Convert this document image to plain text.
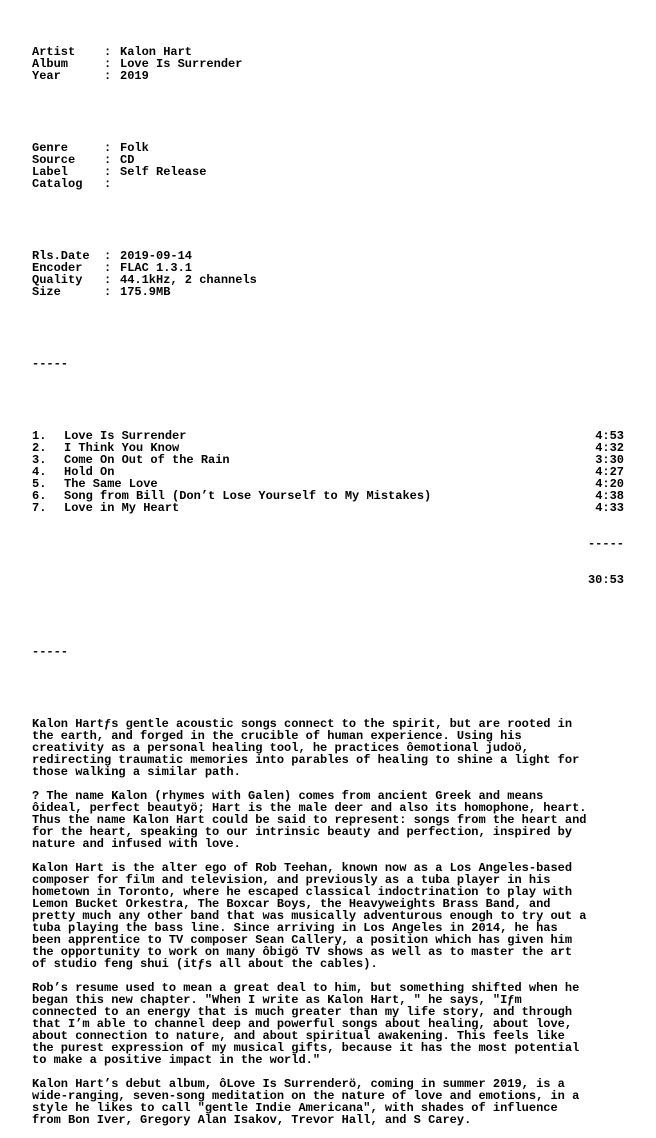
Artist	: Kalon Hart
Album	: Love Is Surrender
Year	: 2019

Genre	: Folk
Source	: CD
Label	: Self Release
Catalog	:

Rls.Date	: 2019-09-14
Encoder	: FLAC 1.3.1
Quality	: 44.1kHz, 2 channels
Size	: 175.9MB

-----

1.	Love Is Surrender	4:53
2.	I Think You Know	4:32
3.	Come On Out of the Rain	3:30
4.	Hold On	4:27
5.	The Same Love	4:20
6.	Song from Bill (Don’t Lose Yourself to My Mistakes)	4:38
7.	Love in My Heart	4:33

-----

30:53

-----

Kalon Hartƒs gentle acoustic songs connect to the spirit, but are rooted in
the earth, and forged in the crucible of human experience. Using his
creativity as a personal healing tool, he practices ôemotional judoö,
redirecting traumatic memories into parables of healing to shine a light for
those walking a similar path.
? The name Kalon (rhymes with Galen) comes from ancient Greek and means
ôideal, perfect beautyö; Hart is the male deer and also its homophone, heart.
Thus the name Kalon Hart could be said to represent: songs from the heart and
for the heart, speaking to our intrinsic beauty and perfection, inspired by
nature and infused with love.
Kalon Hart is the alter ego of Rob Teehan, known now as a Los Angeles-based
composer for film and television, and previously as a tuba player in his
hometown in Toronto, where he escaped classical indoctrination to play with
Lemon Bucket Orkestra, The Boxcar Boys, the Heavyweights Brass Band, and
pretty much any other band that was musically adventurous enough to try out a
tuba playing the bass line. Since arriving in Los Angeles in 2014, he has
been apprentice to TV composer Sean Callery, a position which has given him
the opportunity to work on many ôbigö TV shows as well as to master the art
of studio feng shui (itƒs all about the cables).
Rob’s resume used to mean a great deal to him, but something shifted when he
began this new chapter. "When I write as Kalon Hart, " he says, "Iƒm
connected to an energy that is much greater than my life story, and through
that I’m able to channel deep and powerful songs about healing, about love,
about connection to nature, and about spiritual awakening. This feels like
the purest expression of my musical gifts, because it has the most potential
to make a positive impact in the world."
Kalon Hart’s debut album, ôLove Is Surrenderö, coming in summer 2019, is a
wide-ranging, seven-song meditation on the nature of love and emotions, in a
style he likes to call "gentle Indie Americana", with shades of influence
from Bon Iver, Gregory Alan Isakov, Trevor Hall, and S Carey.
